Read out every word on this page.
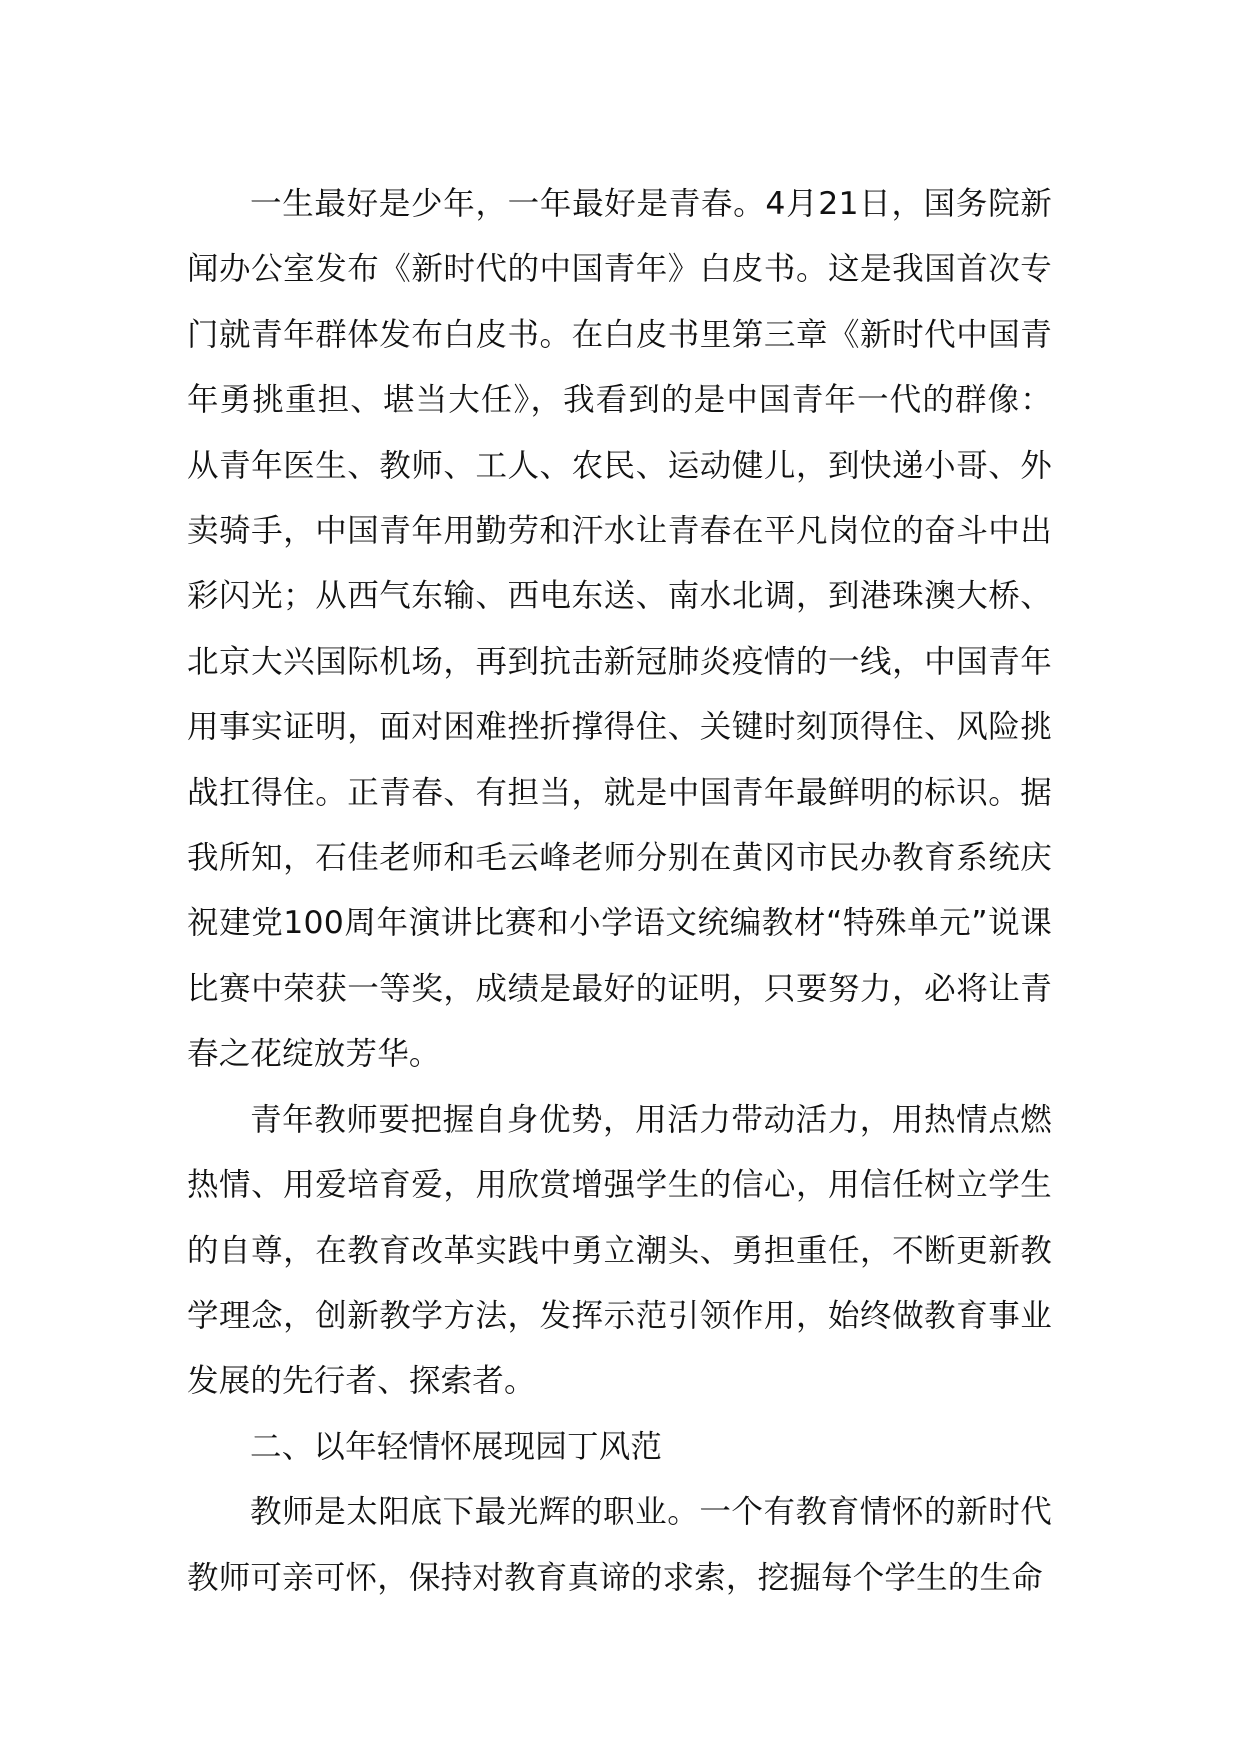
一生最好是少年，一年最好是青春。4月21日，国务院新闻办公室发布《新时代的中国青年》白皮书。这是我国首次专门就青年群体发布白皮书。在白皮书里第三章《新时代中国青年勇挑重担、堪当大任》，我看到的是中国青年一代的群像：从青年医生、教师、工人、农民、运动健儿，到快递小哥、外卖骑手，中国青年用勤劳和汗水让青春在平凡岗位的奋斗中出彩闪光；从西气东输、西电东送、南水北调，到港珠澳大桥、北京大兴国际机场，再到抗击新冠肺炎疫情的一线，中国青年用事实证明，面对困难挫折撑得住、关键时刻顶得住、风险挑战扛得住。正青春、有担当，就是中国青年最鲜明的标识。据我所知，石佳老师和毛云峰老师分别在黄冈市民办教育系统庆祝建党100周年演讲比赛和小学语文统编教材“特殊单元”说课比赛中荣获一等奖，成绩是最好的证明，只要努力，必将让青春之花绽放芳华。

青年教师要把握自身优势，用活力带动活力，用热情点燃热情、用爱培育爱，用欣赏增强学生的信心，用信任树立学生的自尊，在教育改革实践中勇立潮头、勇担重任，不断更新教学理念，创新教学方法，发挥示范引领作用，始终做教育事业发展的先行者、探索者。

二、以年轻情怀展现园丁风范

教师是太阳底下最光辉的职业。一个有教育情怀的新时代教师可亲可怀，保持对教育真谛的求索，挖掘每个学生的生命
